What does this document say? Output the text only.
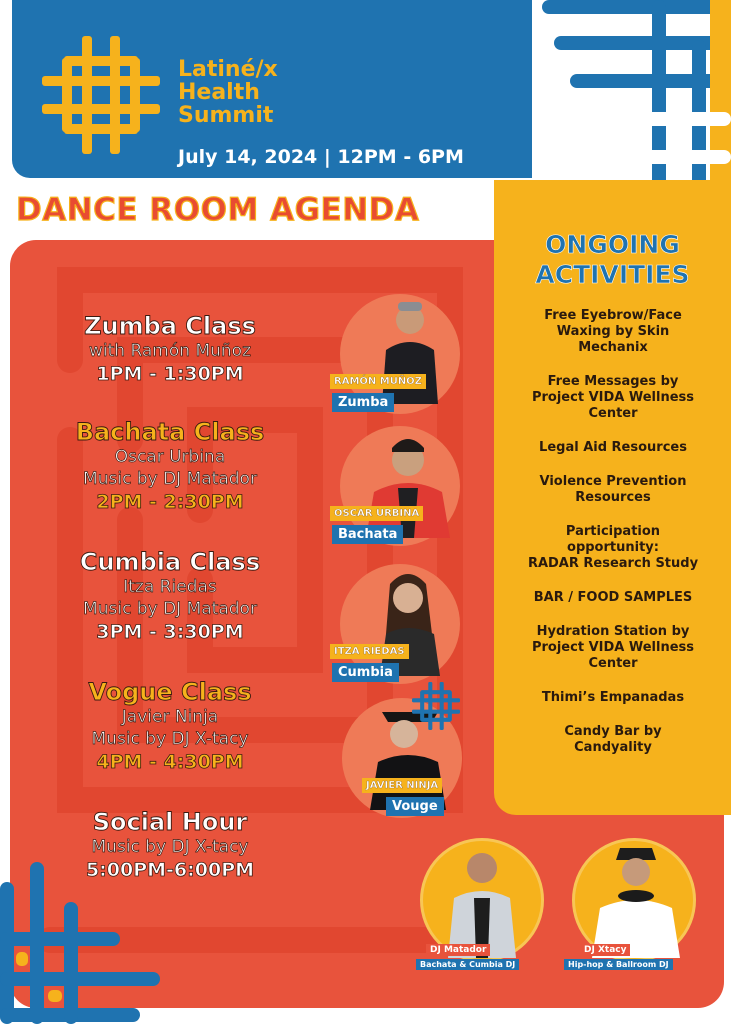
Latiné/x
Health
Summit
July 14, 2024 | 12PM - 6PM
DANCE ROOM AGENDA
ONGOING
ACTIVITIES
Free Eyebrow/Face
Waxing by Skin
Mechanix
Free Messages by
Project VIDA Wellness
Center
Legal Aid Resources
Violence Prevention
Resources
Participation
opportunity:
RADAR Research Study
BAR / FOOD SAMPLES
Hydration Station by
Project VIDA Wellness
Center
Thimi’s Empanadas
Candy Bar by
Candyality
Zumba Class
with Ramón Muñoz
1PM - 1:30PM
Bachata Class
Oscar Urbina
Music by DJ Matador
2PM - 2:30PM
Cumbia Class
Itza Riedas
Music by DJ Matador
3PM - 3:30PM
Vogue Class
Javier Ninja
Music by DJ X-tacy
4PM - 4:30PM
Social Hour
Music by DJ X-tacy
5:00PM-6:00PM
RAMÓN MUÑOZ
Zumba
OSCAR URBINA
Bachata
ITZA RIEDAS
Cumbia
JAVIER NINJA
Vouge
DJ Matador
Bachata & Cumbia DJ
DJ Xtacy
Hip-hop & Ballroom DJ
